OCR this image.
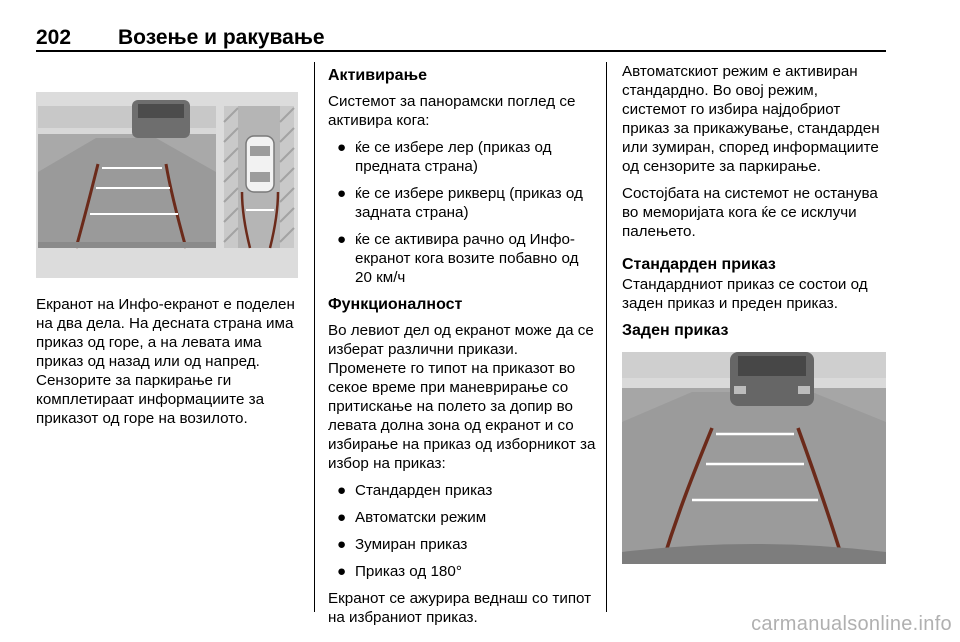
202 Возење и ракување

Екранот на Инфо-екранот е поделен на два дела. На десната страна има приказ од горе, а на левата има приказ од назад или од напред. Сензорите за паркирање ги комплетираат информациите за приказот од горе на возилото.

Активирање

Системот за панорамски поглед се активира кога:

● ќе се избере лер (приказ од предната страна)
● ќе се избере рикверц (приказ од задната страна)
● ќе се активира рачно од Инфо-екранот кога возите побавно од 20 км/ч
Функционалност

Во левиот дел од екранот може да се изберат различни прикази. Променете го типот на приказот во секое време при маневрирање со притискање на полето за допир во левата долна зона од екранот и со избирање на приказ од изборникот за избор на приказ:

● Стандарден приказ
● Автоматски режим
● Зумиран приказ
● Приказ од 180°

Екранот се ажурира веднаш со типот на избраниот приказ.

Автоматскиот режим е активиран стандардно. Во овој режим, системот го избира најдобриот приказ за прикажување, стандарден или зумиран, според информациите од сензорите за паркирање.

Состојбата на системот не останува во меморијата кога ќе се исклучи палењето.

Стандарден приказ

Стандардниот приказ се состои од заден приказ и преден приказ.

Заден приказ
carmanualsonline.info
